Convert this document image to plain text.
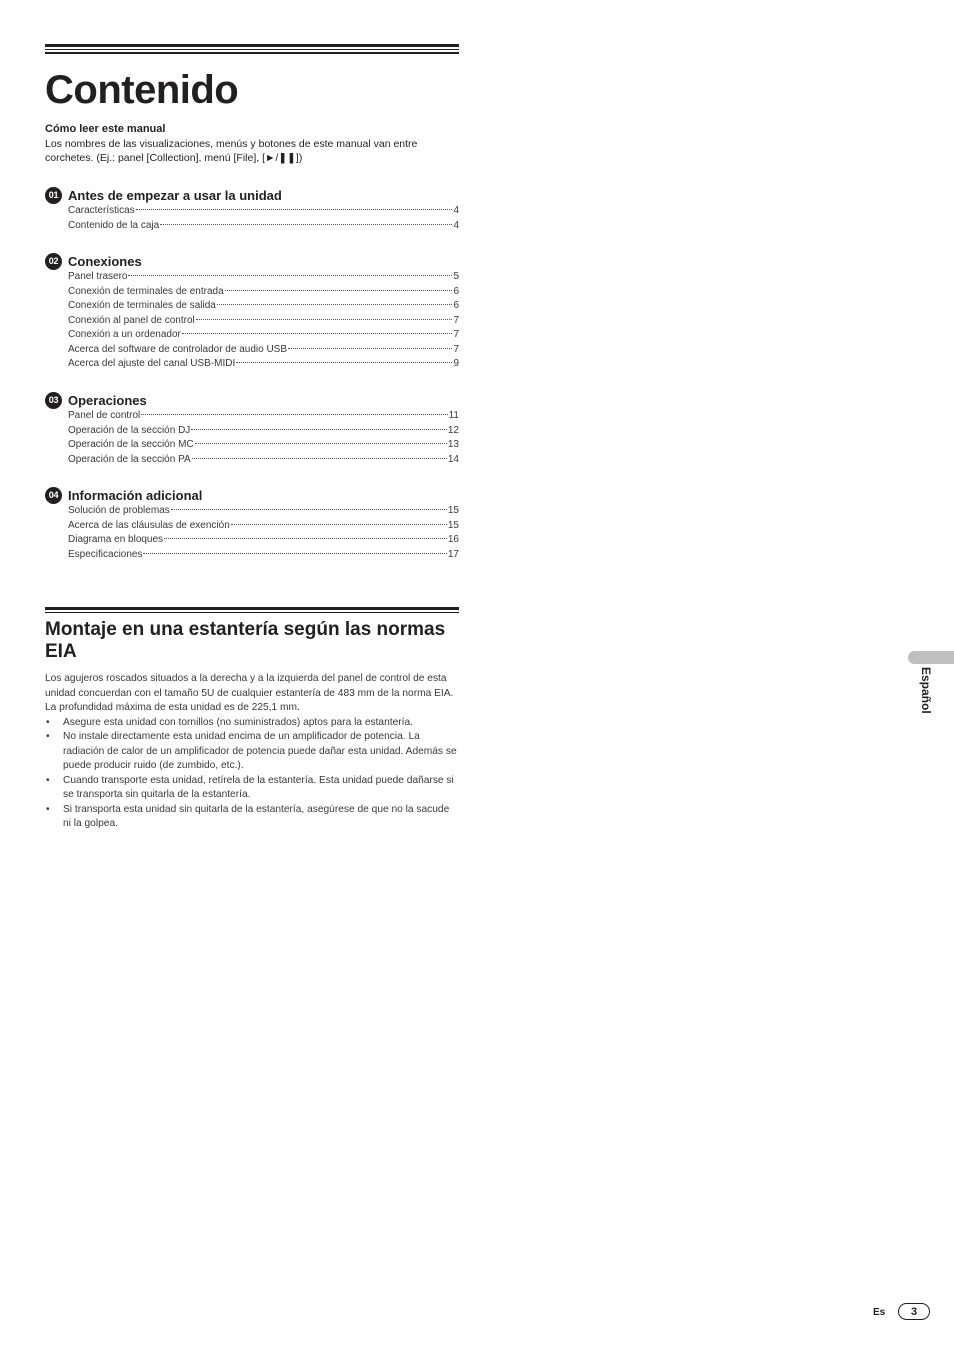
Contenido

Cómo leer este manual

Los nombres de las visualizaciones, menús y botones de este manual van entre corchetes. (Ej.: panel [Collection], menú [File], [►/❚❚])

01 Antes de empezar a usar la unidad
Características	4
Contenido de la caja	4
02 Conexiones
Panel trasero	5
Conexión de terminales de entrada	6
Conexión de terminales de salida	6
Conexión al panel de control	7
Conexión a un ordenador	7
Acerca del software de controlador de audio USB	7
Acerca del ajuste del canal USB-MIDI	9
03 Operaciones
Panel de control	11
Operación de la sección DJ	12
Operación de la sección MC	13
Operación de la sección PA	14
04 Información adicional
Solución de problemas	15
Acerca de las cláusulas de exención	15
Diagrama en bloques	16
Especificaciones	17
Montaje en una estantería según las normas EIA

Los agujeros roscados situados a la derecha y a la izquierda del panel de control de esta unidad concuerdan con el tamaño 5U de cualquier estantería de 483 mm de la norma EIA. La profundidad máxima de esta unidad es de 225,1 mm.

• Asegure esta unidad con tornillos (no suministrados) aptos para la estantería.
• No instale directamente esta unidad encima de un amplificador de potencia. La radiación de calor de un amplificador de potencia puede dañar esta unidad. Además se puede producir ruido (de zumbido, etc.).
• Cuando transporte esta unidad, retírela de la estantería. Esta unidad puede dañarse si se transporta sin quitarla de la estantería.
• Si transporta esta unidad sin quitarla de la estantería, asegúrese de que no la sacude ni la golpea.
Español
Es	3
